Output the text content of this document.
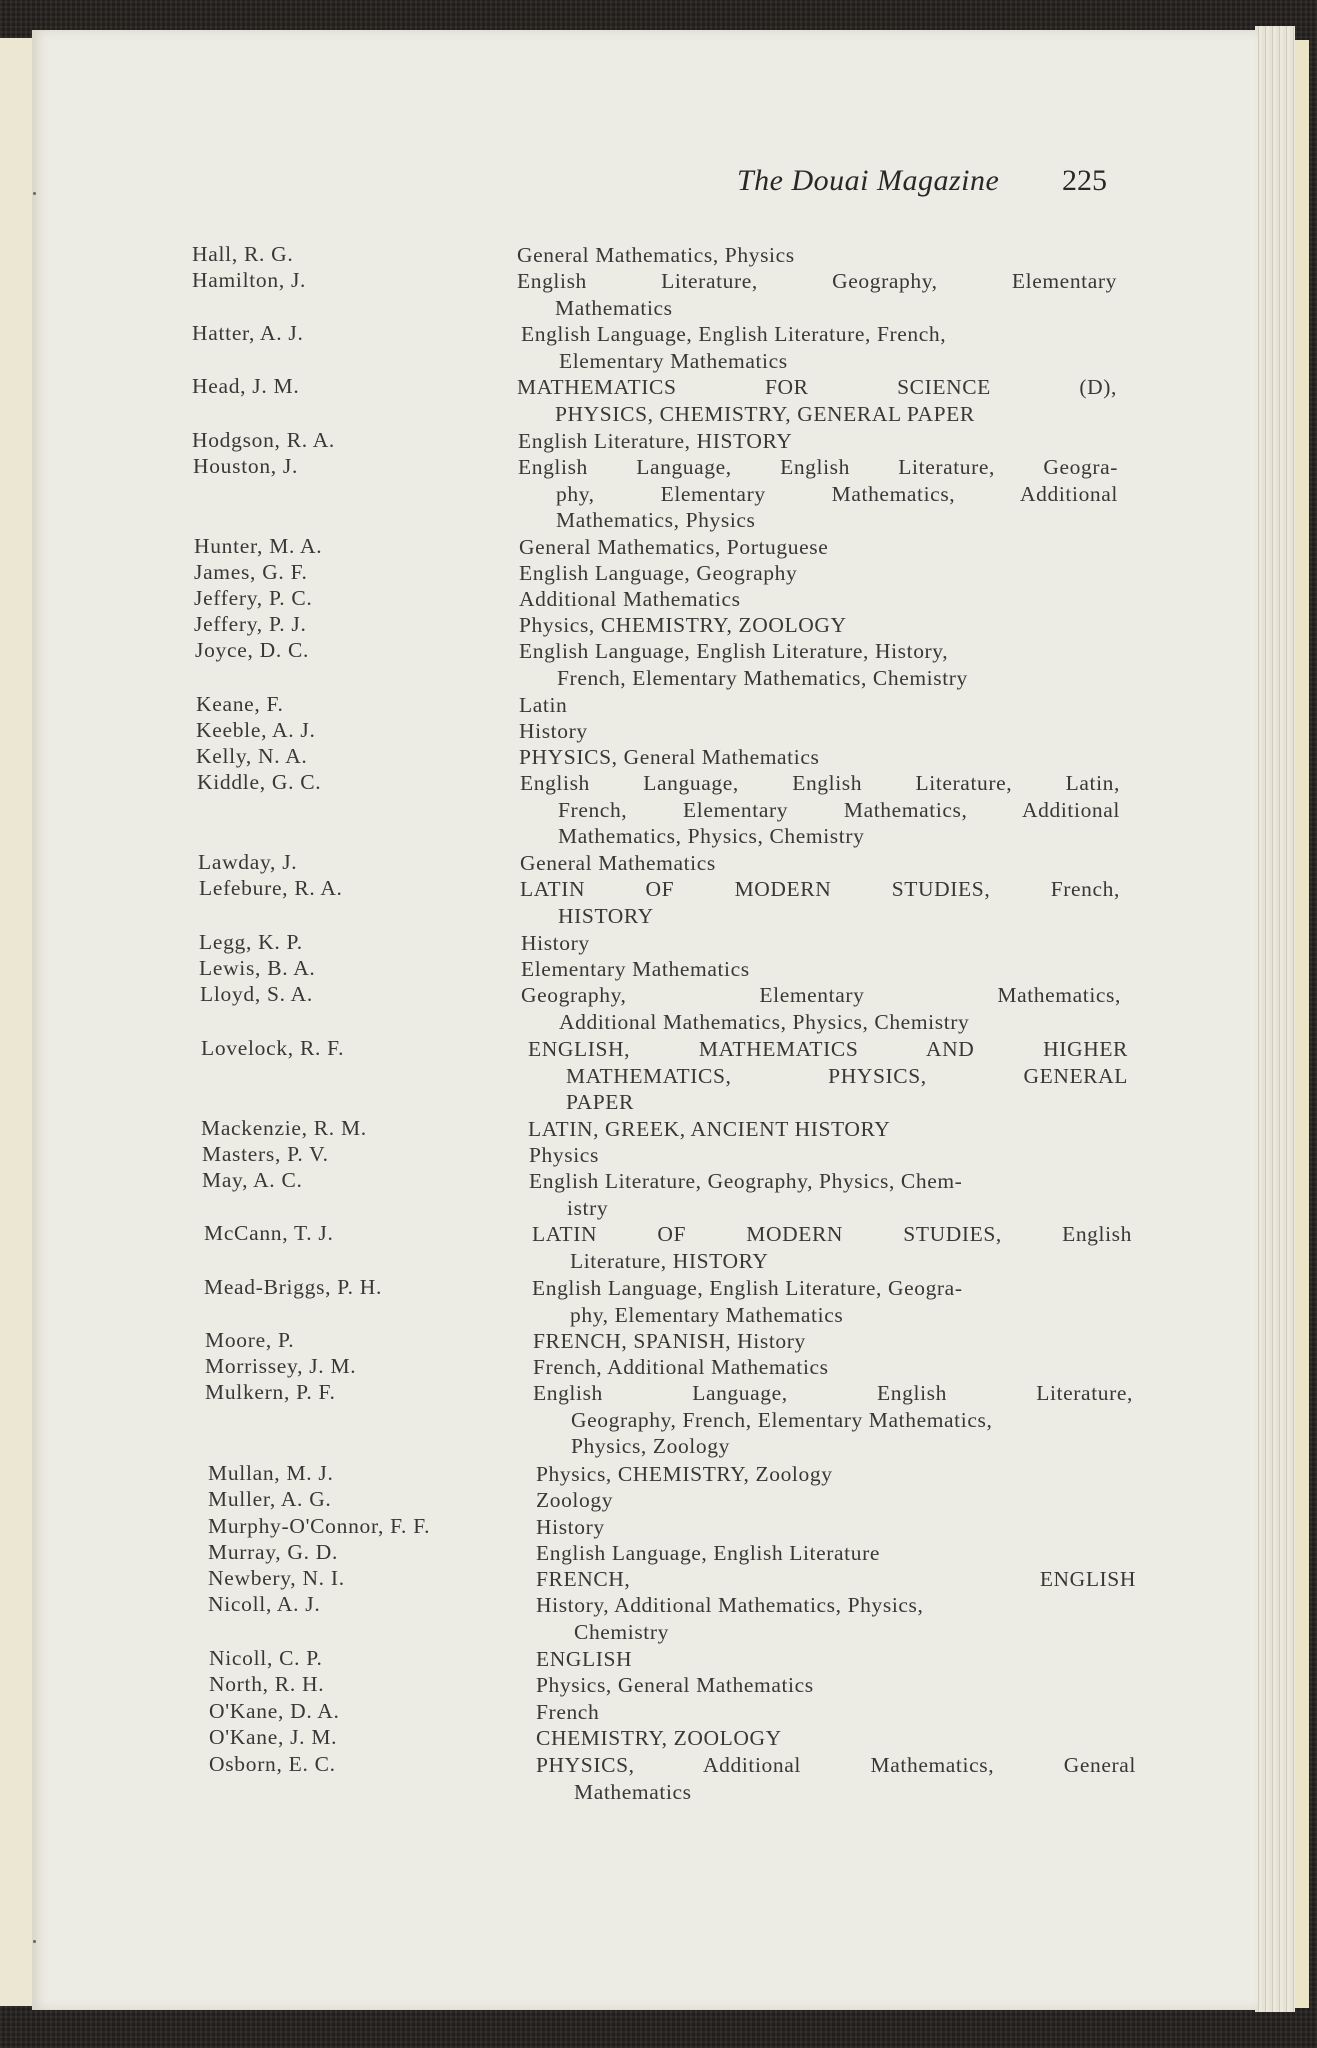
The Douai Magazine 225
Hall, R. G.	General Mathematics, Physics
Hamilton, J.	English Literature, Geography, Elementary
Mathematics
Hatter, A. J.	English Language, English Literature, French,
Elementary Mathematics
Head, J. M.	MATHEMATICS FOR SCIENCE (D),
PHYSICS, CHEMISTRY, GENERAL PAPER
Hodgson, R. A.	English Literature, HISTORY
Houston, J.	English Language, English Literature, Geogra-
phy, Elementary Mathematics, Additional
Mathematics, Physics
Hunter, M. A.	General Mathematics, Portuguese
James, G. F.	English Language, Geography
Jeffery, P. C.	Additional Mathematics
Jeffery, P. J.	Physics, CHEMISTRY, ZOOLOGY
Joyce, D. C.	English Language, English Literature, History,
French, Elementary Mathematics, Chemistry
Keane, F.	Latin
Keeble, A. J.	History
Kelly, N. A.	PHYSICS, General Mathematics
Kiddle, G. C.	English Language, English Literature, Latin,
French, Elementary Mathematics, Additional
Mathematics, Physics, Chemistry
Lawday, J.	General Mathematics
Lefebure, R. A.	LATIN OF MODERN STUDIES, French,
HISTORY
Legg, K. P.	History
Lewis, B. A.	Elementary Mathematics
Lloyd, S. A.	Geography, Elementary Mathematics,
Additional Mathematics, Physics, Chemistry
Lovelock, R. F.	ENGLISH, MATHEMATICS AND HIGHER
MATHEMATICS, PHYSICS, GENERAL
PAPER
Mackenzie, R. M.	LATIN, GREEK, ANCIENT HISTORY
Masters, P. V.	Physics
May, A. C.	English Literature, Geography, Physics, Chem-
istry
McCann, T. J.	LATIN OF MODERN STUDIES, English
Literature, HISTORY
Mead-Briggs, P. H.	English Language, English Literature, Geogra-
phy, Elementary Mathematics
Moore, P.	FRENCH, SPANISH, History
Morrissey, J. M.	French, Additional Mathematics
Mulkern, P. F.	English Language, English Literature,
Geography, French, Elementary Mathematics,
Physics, Zoology
Mullan, M. J.	Physics, CHEMISTRY, Zoology
Muller, A. G.	Zoology
Murphy-O'Connor, F. F.	History
Murray, G. D.	English Language, English Literature
Newbery, N. I.	FRENCH, ENGLISH
Nicoll, A. J.	History, Additional Mathematics, Physics,
Chemistry
Nicoll, C. P.	ENGLISH
North, R. H.	Physics, General Mathematics
O'Kane, D. A.	French
O'Kane, J. M.	CHEMISTRY, ZOOLOGY
Osborn, E. C.	PHYSICS, Additional Mathematics, General
Mathematics
